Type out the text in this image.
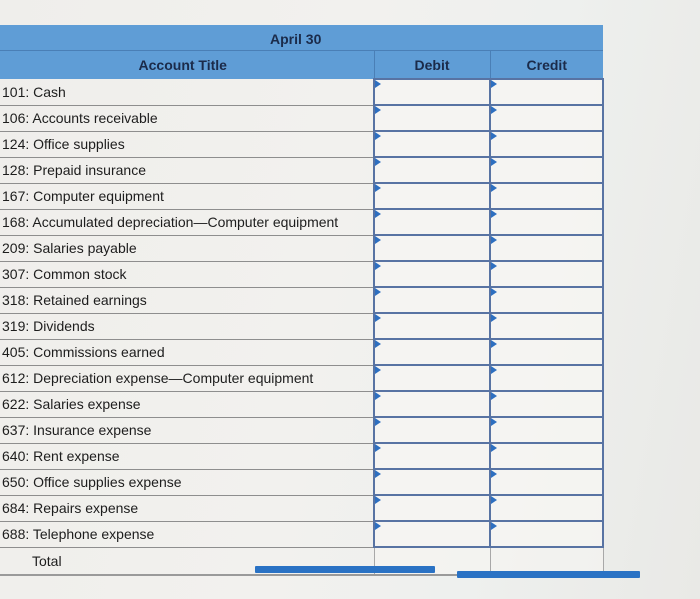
April 30		
Account Title	Debit	Credit
101: Cash	

106: Accounts receivable	

124: Office supplies	

128: Prepaid insurance	

167: Computer equipment	

168: Accumulated depreciation—Computer equipment	

209: Salaries payable	

307: Common stock	

318: Retained earnings	

319: Dividends	

405: Commissions earned	

612: Depreciation expense—Computer equipment	

622: Salaries expense	

637: Insurance expense	

640: Rent expense	

650: Office supplies expense	

684: Repairs expense	

688: Telephone expense	

Total		
